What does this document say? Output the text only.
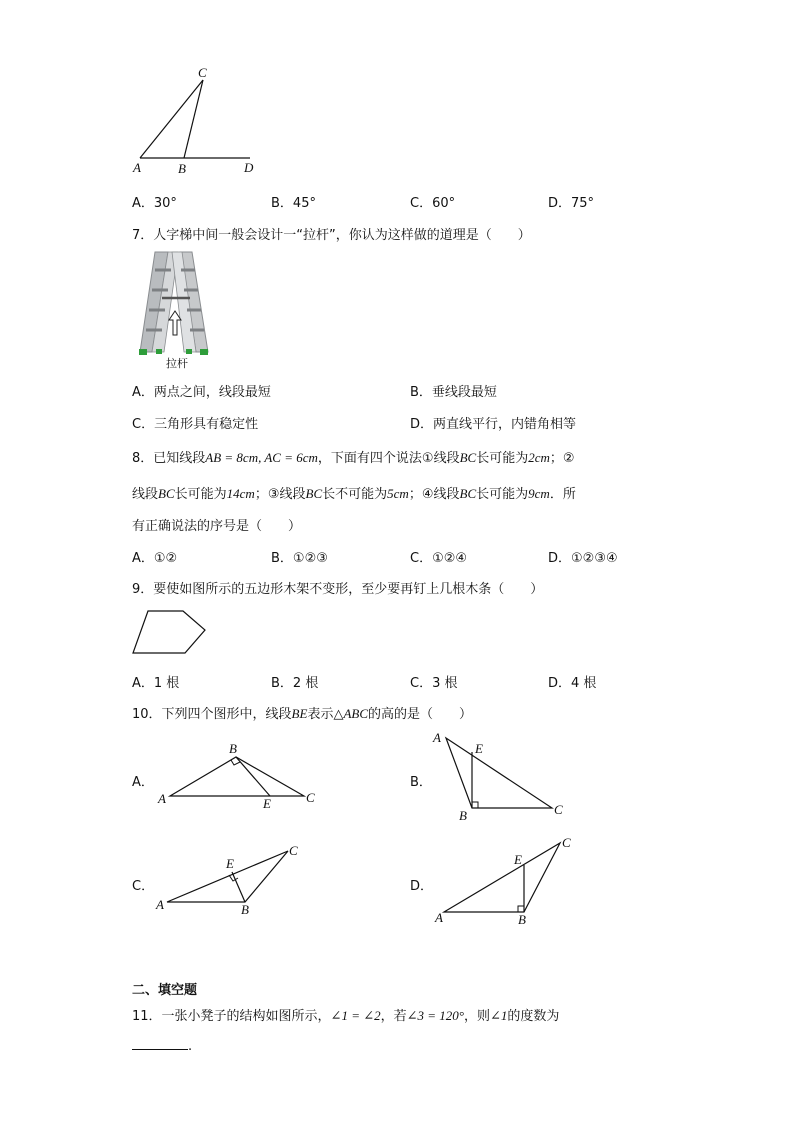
C
A	B	D
A．30°	B．45°	C．60°	D．75°
7．人字梯中间一般会设计一“拉杆”，你认为这样做的道理是（　　）
拉杆
A．两点之间，线段最短	B．垂线段最短
C．三角形具有稳定性	D．两直线平行，内错角相等
8．已知线段AB = 8cm, AC = 6cm，下面有四个说法①线段BC长可能为2cm；②
线段BC长可能为14cm；③线段BC长不可能为5cm；④线段BC长可能为9cm．所
有正确说法的序号是（　　）
A．①②	B．①②③	C．①②④	D．①②③④
9．要使如图所示的五边形木架不变形，至少要再钉上几根木条（　　）
A．1 根	B．2 根	C．3 根	D．4 根
10．下列四个图形中，线段BE表示△ABC的高的是（　　）
A．	B．
C．	D．
B
A	E	C
A
E
B	C
E
C
A	B
E
C
A	B
二、填空题
11．一张小凳子的结构如图所示，∠1 = ∠2，若∠3 = 120°，则∠1的度数为
.
